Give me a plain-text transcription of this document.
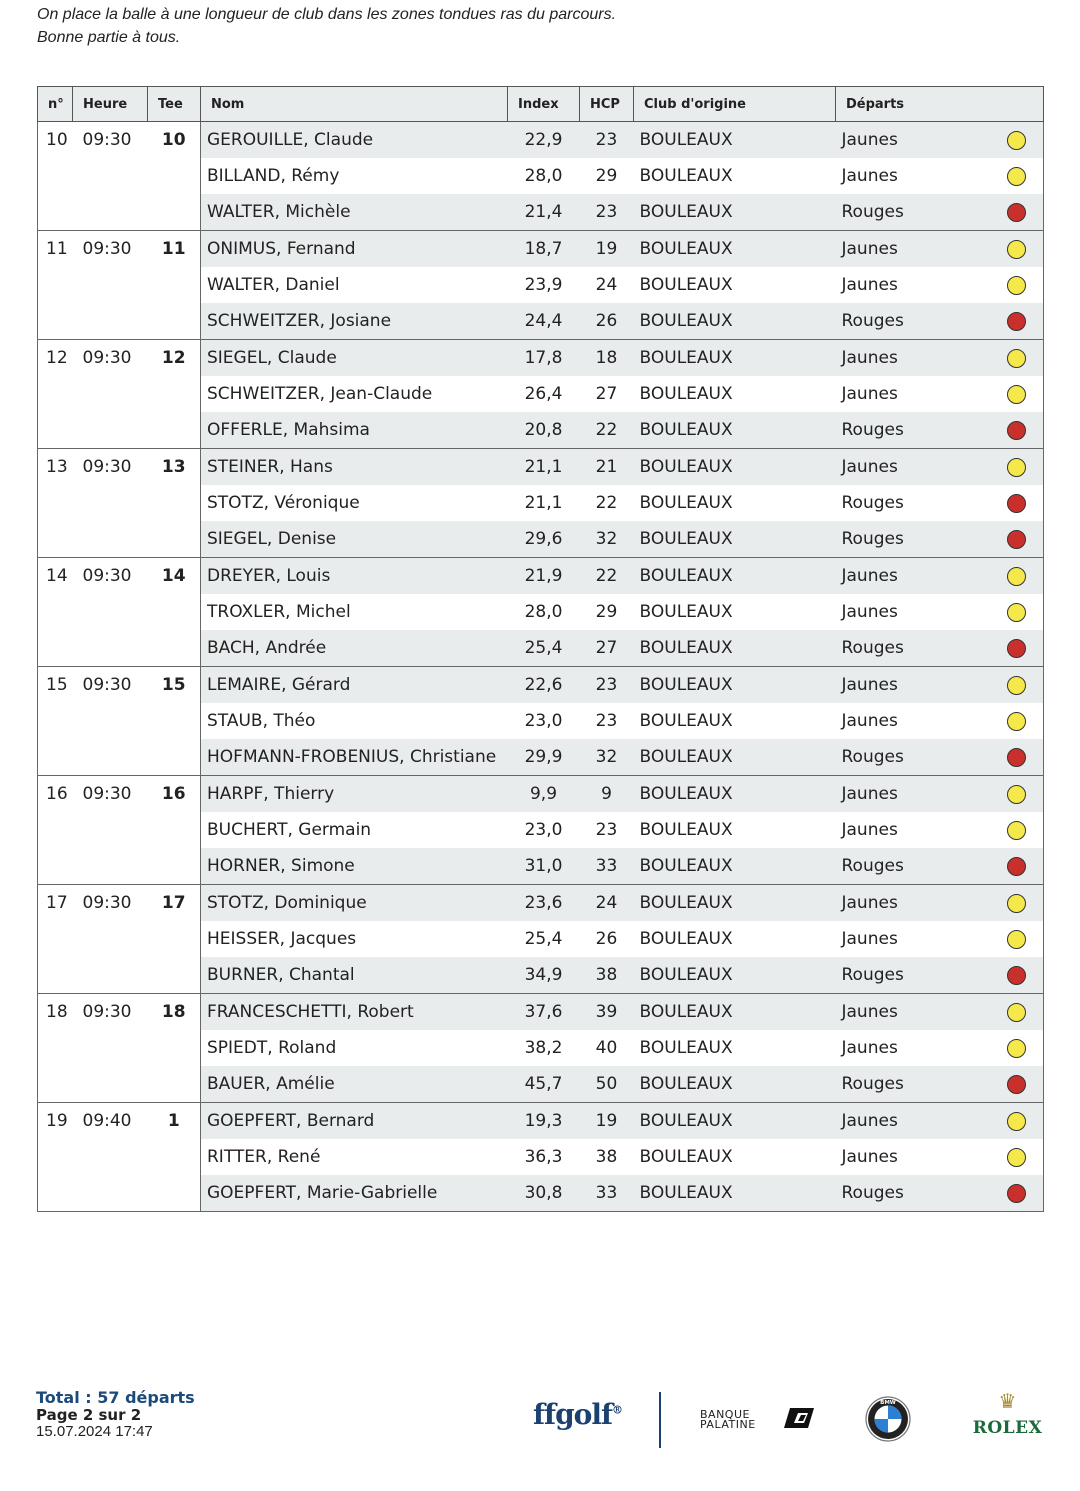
On place la balle à une longueur de club dans les zones tondues ras du parcours.
Bonne partie à tous.
n°	Heure	Tee	Nom	Index	HCP	Club d'origine	Départs	
10	09:30	10	GEROUILLE, Claude	22,9	23	BOULEAUX	Jaunes	
			BILLAND, Rémy	28,0	29	BOULEAUX	Jaunes	
			WALTER, Michèle	21,4	23	BOULEAUX	Rouges	
11	09:30	11	ONIMUS, Fernand	18,7	19	BOULEAUX	Jaunes	
			WALTER, Daniel	23,9	24	BOULEAUX	Jaunes	
			SCHWEITZER, Josiane	24,4	26	BOULEAUX	Rouges	
12	09:30	12	SIEGEL, Claude	17,8	18	BOULEAUX	Jaunes	
			SCHWEITZER, Jean-Claude	26,4	27	BOULEAUX	Jaunes	
			OFFERLE, Mahsima	20,8	22	BOULEAUX	Rouges	
13	09:30	13	STEINER, Hans	21,1	21	BOULEAUX	Jaunes	
			STOTZ, Véronique	21,1	22	BOULEAUX	Rouges	
			SIEGEL, Denise	29,6	32	BOULEAUX	Rouges	
14	09:30	14	DREYER, Louis	21,9	22	BOULEAUX	Jaunes	
			TROXLER, Michel	28,0	29	BOULEAUX	Jaunes	
			BACH, Andrée	25,4	27	BOULEAUX	Rouges	
15	09:30	15	LEMAIRE, Gérard	22,6	23	BOULEAUX	Jaunes	
			STAUB, Théo	23,0	23	BOULEAUX	Jaunes	
			HOFMANN-FROBENIUS, Christiane	29,9	32	BOULEAUX	Rouges	
16	09:30	16	HARPF, Thierry	9,9	9	BOULEAUX	Jaunes	
			BUCHERT, Germain	23,0	23	BOULEAUX	Jaunes	
			HORNER, Simone	31,0	33	BOULEAUX	Rouges	
17	09:30	17	STOTZ, Dominique	23,6	24	BOULEAUX	Jaunes	
			HEISSER, Jacques	25,4	26	BOULEAUX	Jaunes	
			BURNER, Chantal	34,9	38	BOULEAUX	Rouges	
18	09:30	18	FRANCESCHETTI, Robert	37,6	39	BOULEAUX	Jaunes	
			SPIEDT, Roland	38,2	40	BOULEAUX	Jaunes	
			BAUER, Amélie	45,7	50	BOULEAUX	Rouges	
19	09:40	1	GOEPFERT, Bernard	19,3	19	BOULEAUX	Jaunes	
			RITTER, René	36,3	38	BOULEAUX	Jaunes	
			GOEPFERT, Marie-Gabrielle	30,8	33	BOULEAUX	Rouges	
Total : 57 départs
Page 2 sur 2
15.07.2024 17:47
ffgolf®	BANQUE
PALATINE
BMW	♛
ROLEX
